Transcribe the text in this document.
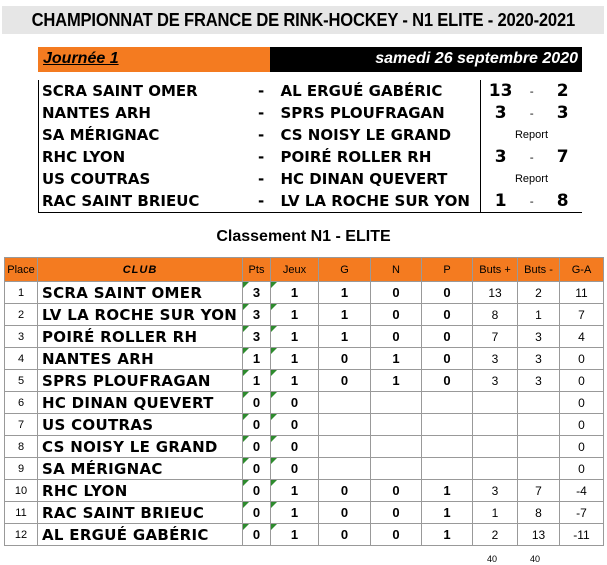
CHAMPIONNAT DE FRANCE DE RINK-HOCKEY - N1 ELITE - 2020-2021
Journée 1	samedi 26 septembre 2020
SCRA SAINT OMER	-	AL ERGUÉ GABÉRIC	13	-	2
NANTES ARH	-	SPRS PLOUFRAGAN	3	-	3
SA MÉRIGNAC	-	CS NOISY LE GRAND	Report		
RHC LYON	-	POIRÉ ROLLER RH	3	-	7
US COUTRAS	-	HC DINAN QUEVERT	Report		
RAC SAINT BRIEUC	-	LV LA ROCHE SUR YON	1	-	8
Classement N1 - ELITE
Place	CLUB	Pts	Jeux	G	N	P	Buts +	Buts -	G-A
1	SCRA SAINT OMER	3	1	1	0	0	13	2	11
2	LV LA ROCHE SUR YON	3	1	1	0	0	8	1	7
3	POIRÉ ROLLER RH	3	1	1	0	0	7	3	4
4	NANTES ARH	1	1	0	1	0	3	3	0
5	SPRS PLOUFRAGAN	1	1	0	1	0	3	3	0
6	HC DINAN QUEVERT	0	0						0
7	US COUTRAS	0	0						0
8	CS NOISY LE GRAND	0	0						0
9	SA MÉRIGNAC	0	0						0
10	RHC LYON	0	1	0	0	1	3	7	-4
11	RAC SAINT BRIEUC	0	1	0	0	1	1	8	-7
12	AL ERGUÉ GABÉRIC	0	1	0	0	1	2	13	-11
40	40
